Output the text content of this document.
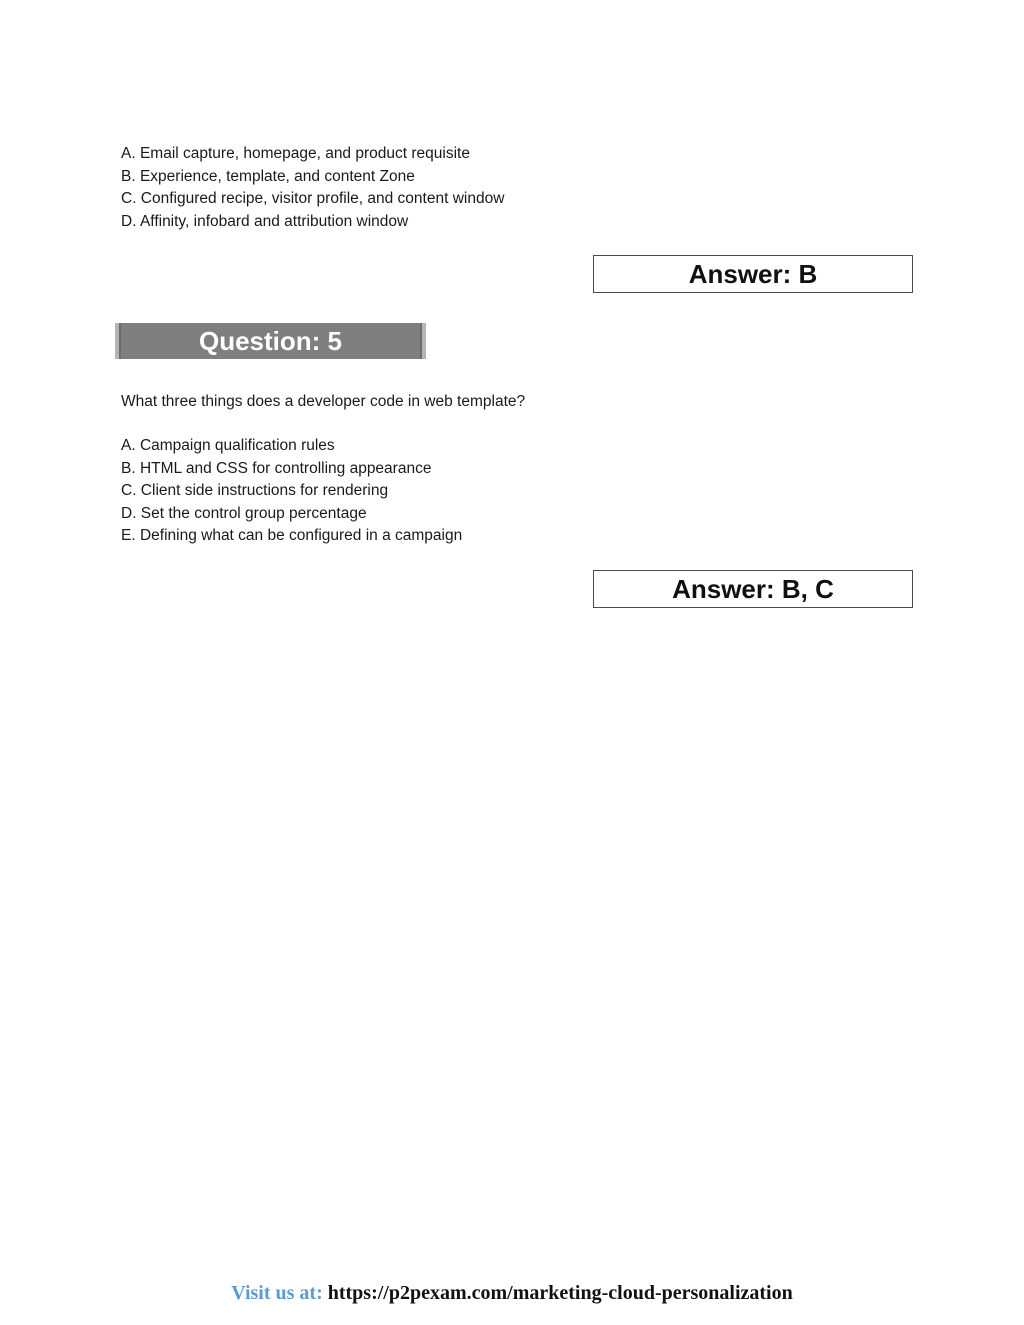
A. Email capture, homepage, and product requisite
B. Experience, template, and content Zone
C. Configured recipe, visitor profile, and content window
D. Affinity, infobard and attribution window
Answer: B
Question: 5

What three things does a developer code in web template?

A. Campaign qualification rules
B. HTML and CSS for controlling appearance
C. Client side instructions for rendering
D. Set the control group percentage
E. Defining what can be configured in a campaign
Answer: B, C
Visit us at: https://p2pexam.com/marketing-cloud-personalization
